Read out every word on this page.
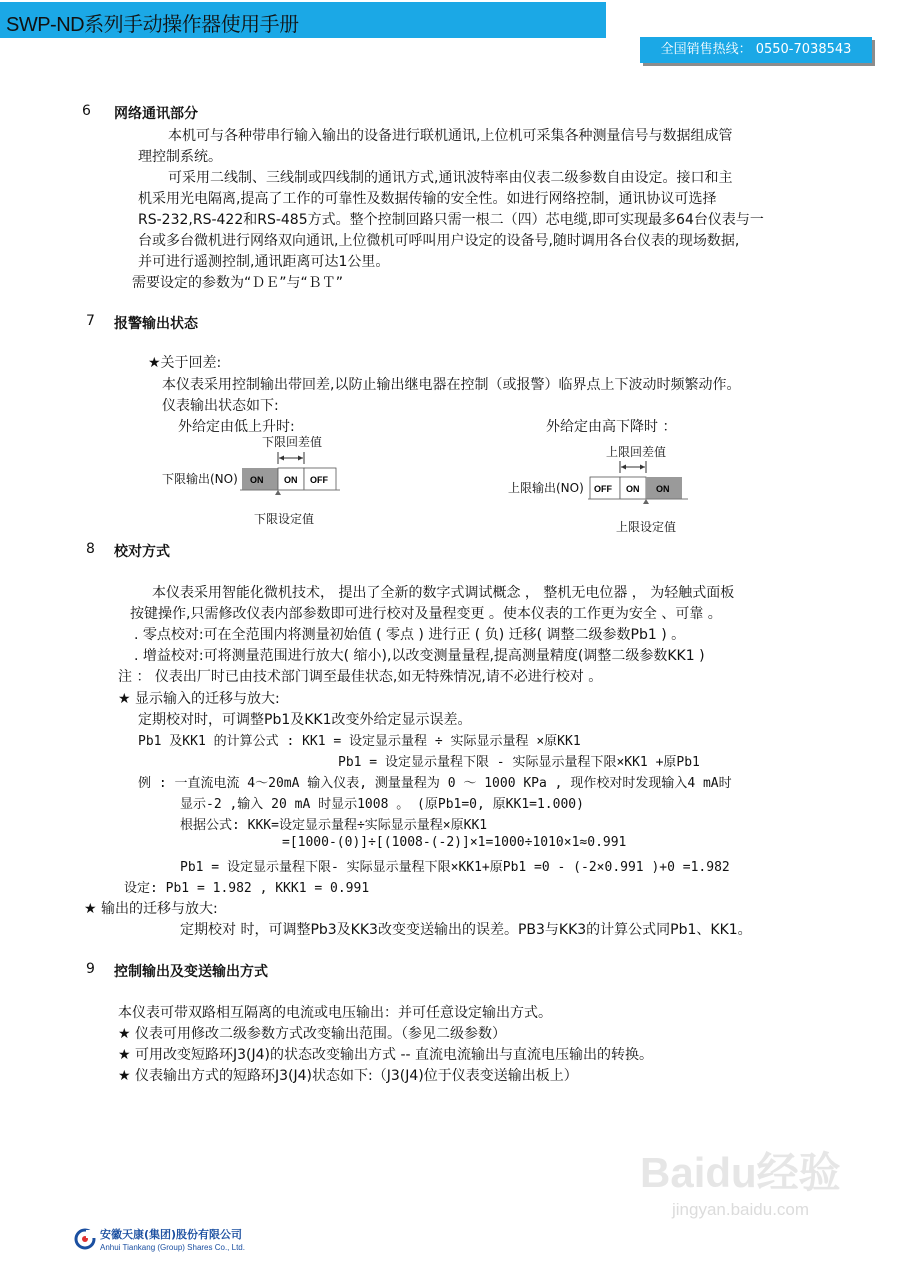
SWP-ND系列手动操作器使用手册
全国销售热线： 0550-7038543
6 网络通讯部分
本机可与各种带串行输入输出的设备进行联机通讯,上位机可采集各种测量信号与数据组成管
理控制系统。
可采用二线制、三线制或四线制的通讯方式,通讯波特率由仪表二级参数自由设定。接口和主
机采用光电隔离,提高了工作的可靠性及数据传输的安全性。如进行网络控制，通讯协议可选择
RS-232,RS-422和RS-485方式。整个控制回路只需一根二（四）芯电缆,即可实现最多64台仪表与一
台或多台微机进行网络双向通讯,上位微机可呼叫用户设定的设备号,随时调用各台仪表的现场数据,
并可进行遥测控制,通讯距离可达1公里。
需要设定的参数为“ＤＥ”与“ＢＴ”
7 报警输出状态
★关于回差:
本仪表采用控制输出带回差,以防止输出继电器在控制（或报警）临界点上下波动时频繁动作。
仪表输出状态如下:
外给定由低上升时:	外给定由高下降时 ：
下限回差值
ON ON OFF
下限输出(NO)
下限设定值
上限回差值
OFF ON ON
上限输出(NO)
上限设定值
8 校对方式
本仪表采用智能化微机技术， 提出了全新的数字式调试概念 ， 整机无电位器 ， 为轻触式面板
按键操作,只需修改仪表内部参数即可进行校对及量程变更 。使本仪表的工作更为安全 、可靠 。
. 零点校对:可在全范围内将测量初始值 ( 零点 ) 进行正 ( 负) 迁移( 调整二级参数Pb1 ) 。
. 增益校对:可将测量范围进行放大( 缩小),以改变测量量程,提高测量精度(调整二级参数KK1 )
注 ： 仪表出厂时已由技术部门调至最佳状态,如无特殊情况,请不必进行校对 。
★ 显示输入的迁移与放大:
定期校对时，可调整Pb1及KK1改变外给定显示误差。
Pb1 及KK1 的计算公式 : KK1 = 设定显示量程 ÷ 实际显示量程 ×原KK1
Pb1 = 设定显示量程下限 - 实际显示量程下限×KK1 +原Pb1
例 : 一直流电流 4～20mA 输入仪表, 测量量程为 0 ～ 1000 KPa , 现作校对时发现输入4 mA时
显示-2 ,输入 20 mA 时显示1008 。 (原Pb1=0, 原KK1=1.000)
根据公式: KKK=设定显示量程÷实际显示量程×原KK1
=[1000-(0)]÷[(1008-(-2)]×1=1000÷1010×1≈0.991
Pb1 = 设定显示量程下限- 实际显示量程下限×KK1+原Pb1 =0 - (-2×0.991 )+0 =1.982
设定: Pb1 = 1.982 , KKK1 = 0.991
★ 输出的迁移与放大:
定期校对 时，可调整Pb3及KK3改变变送输出的误差。PB3与KK3的计算公式同Pb1、KK1。
9 控制输出及变送输出方式
本仪表可带双路相互隔离的电流或电压输出：并可任意设定输出方式。
★ 仪表可用修改二级参数方式改变输出范围。（参见二级参数）
★ 可用改变短路环J3(J4)的状态改变输出方式 -- 直流电流输出与直流电压输出的转换。
★ 仪表输出方式的短路环J3(J4)状态如下:（J3(J4)位于仪表变送输出板上）
Baidu经验
jingyan.baidu.com
安徽天康(集团)股份有限公司
Anhui Tiankang (Group) Shares Co., Ltd.
